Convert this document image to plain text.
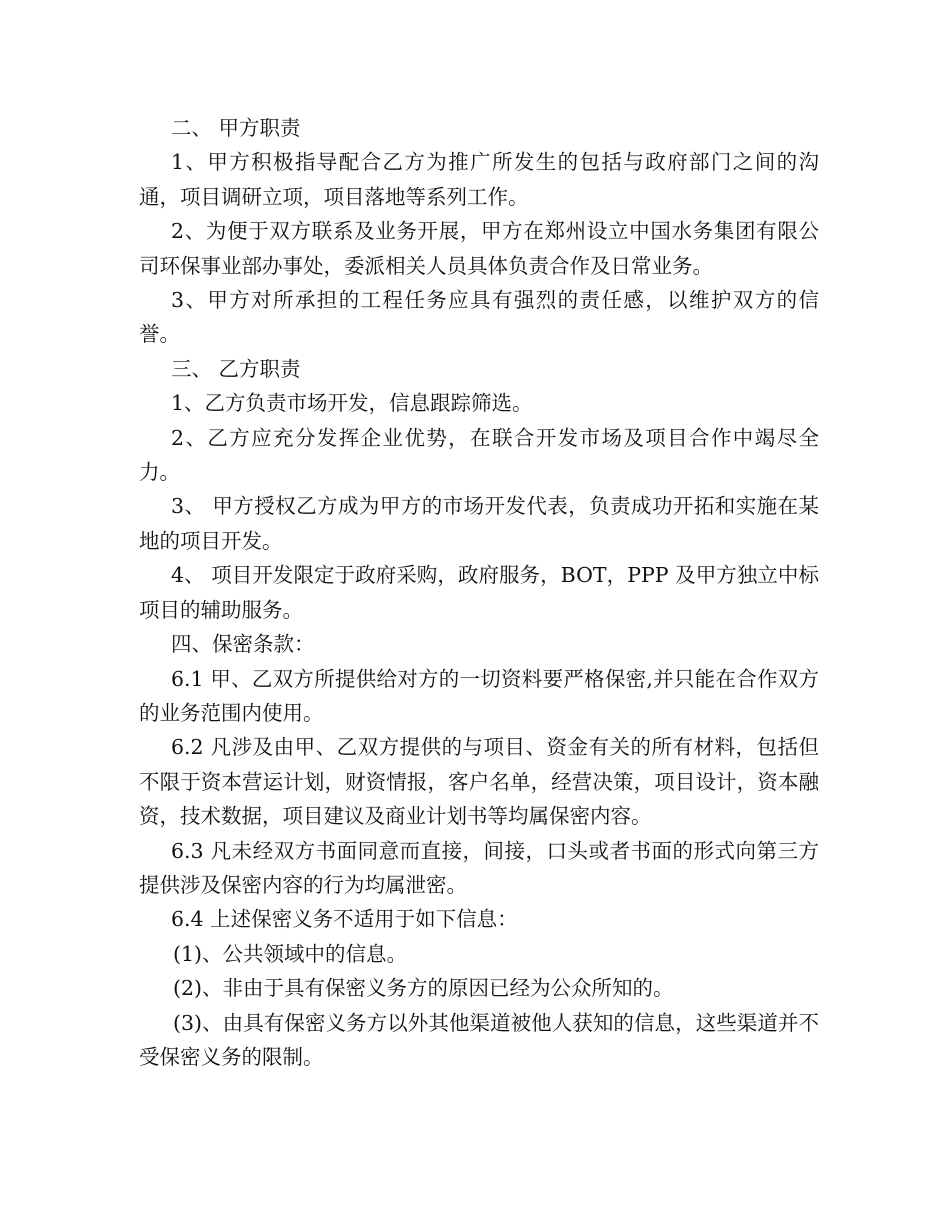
二、 甲方职责

1、甲方积极指导配合乙方为推广所发生的包括与政府部门之间的沟通，项目调研立项，项目落地等系列工作。

2、为便于双方联系及业务开展，甲方在郑州设立中国水务集团有限公司环保事业部办事处，委派相关人员具体负责合作及日常业务。

3、甲方对所承担的工程任务应具有强烈的责任感，以维护双方的信誉。

三、 乙方职责

1、乙方负责市场开发，信息跟踪筛选。

2、乙方应充分发挥企业优势，在联合开发市场及项目合作中竭尽全力。

3、 甲方授权乙方成为甲方的市场开发代表，负责成功开拓和实施在某地的项目开发。

4、 项目开发限定于政府采购，政府服务，BOT，PPP 及甲方独立中标项目的辅助服务。

四、保密条款：

6.1 甲、乙双方所提供给对方的一切资料要严格保密,并只能在合作双方的业务范围内使用。

6.2 凡涉及由甲、乙双方提供的与项目、资金有关的所有材料，包括但不限于资本营运计划，财资情报，客户名单，经营决策，项目设计，资本融资，技术数据，项目建议及商业计划书等均属保密内容。

6.3 凡未经双方书面同意而直接，间接，口头或者书面的形式向第三方提供涉及保密内容的行为均属泄密。

6.4 上述保密义务不适用于如下信息：

(1)、公共领域中的信息。

(2)、非由于具有保密义务方的原因已经为公众所知的。

(3)、由具有保密义务方以外其他渠道被他人获知的信息，这些渠道并不受保密义务的限制。
